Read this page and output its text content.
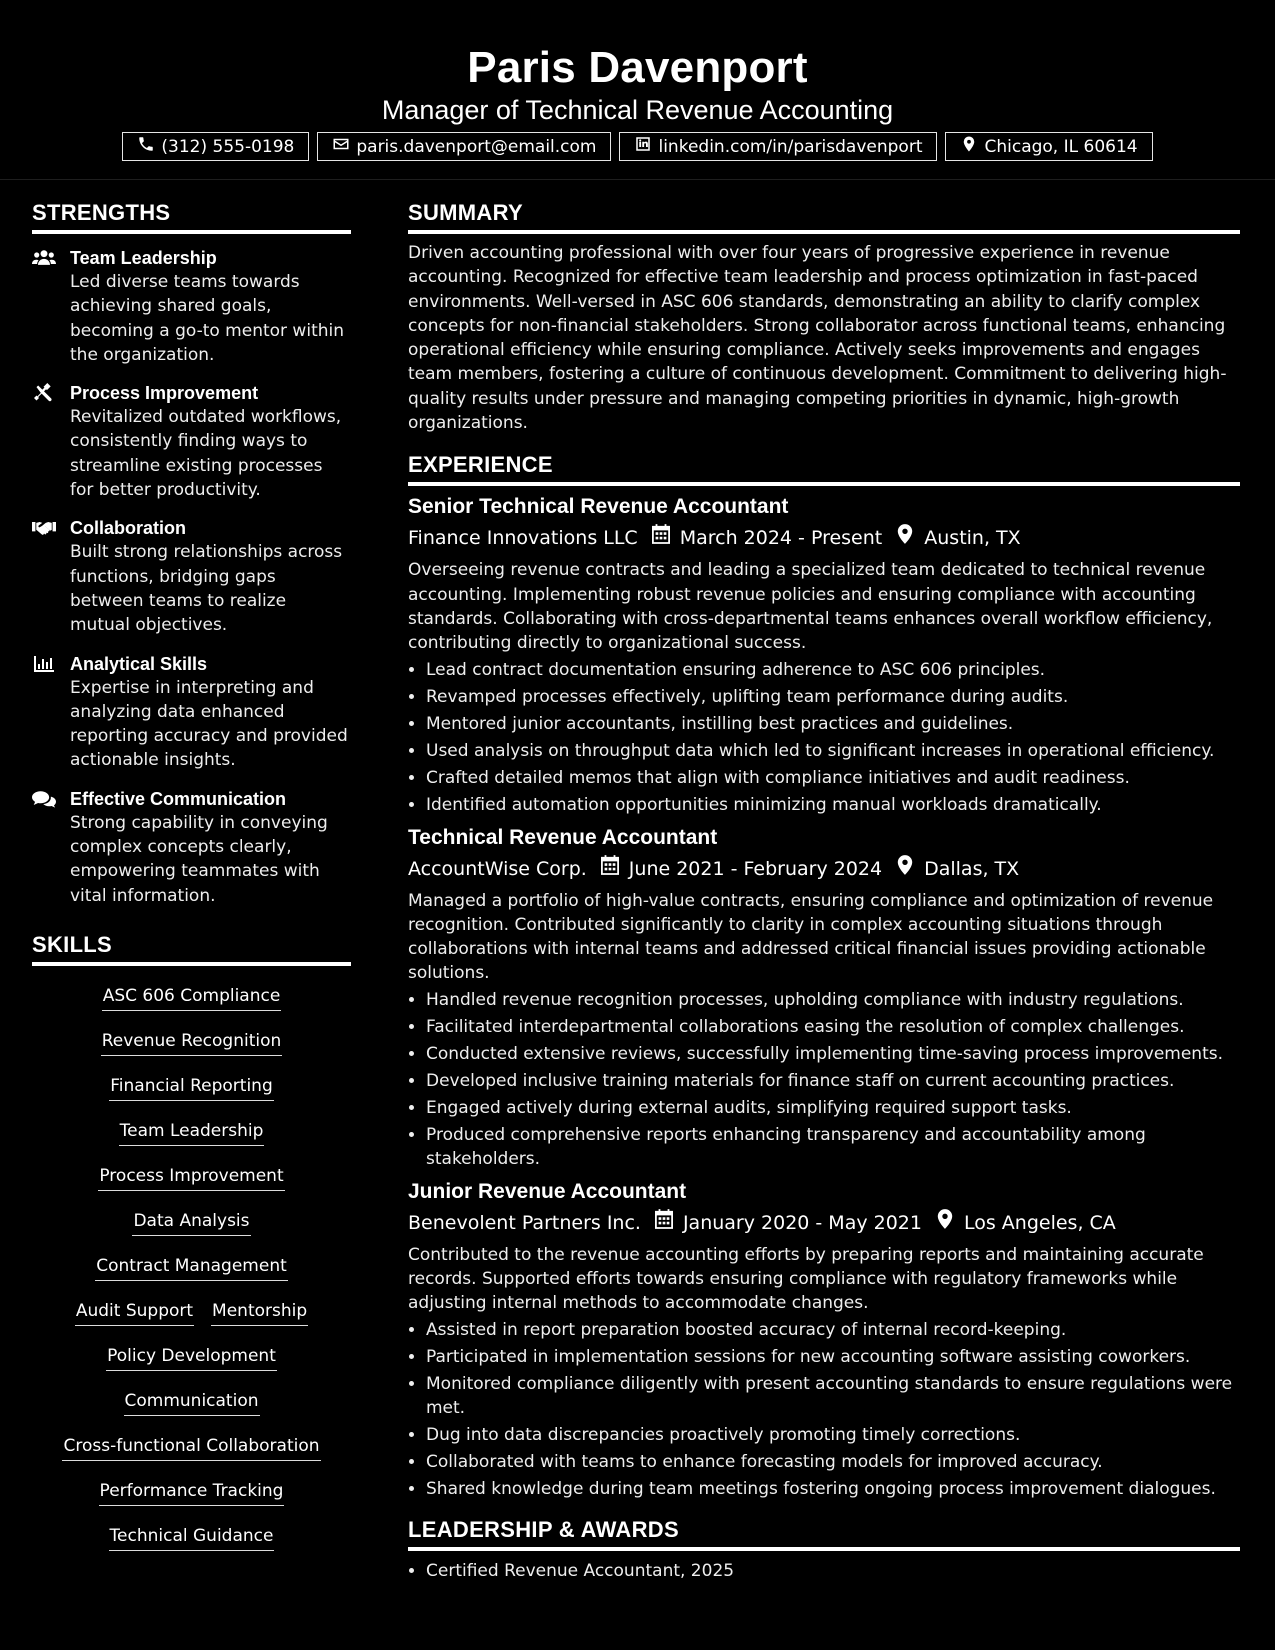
Paris Davenport
Manager of Technical Revenue Accounting
(312) 555-0198	paris.davenport@email.com	linkedin.com/in/parisdavenport	Chicago, IL 60614
STRENGTHS
Team Leadership
Led diverse teams towards achieving shared goals, becoming a go-to mentor within the organization.
Process Improvement
Revitalized outdated workflows, consistently finding ways to streamline existing processes for better productivity.
Collaboration
Built strong relationships across functions, bridging gaps between teams to realize mutual objectives.
Analytical Skills
Expertise in interpreting and analyzing data enhanced reporting accuracy and provided actionable insights.
Effective Communication
Strong capability in conveying complex concepts clearly, empowering teammates with vital information.
SKILLS
ASC 606 Compliance
Revenue Recognition
Financial Reporting
Team Leadership
Process Improvement
Data Analysis
Contract Management
Audit Support Mentorship
Policy Development
Communication
Cross-functional Collaboration
Performance Tracking
Technical Guidance
SUMMARY
Driven accounting professional with over four years of progressive experience in revenue accounting. Recognized for effective team leadership and process optimization in fast-paced environments. Well-versed in ASC 606 standards, demonstrating an ability to clarify complex concepts for non-financial stakeholders. Strong collaborator across functional teams, enhancing operational efficiency while ensuring compliance. Actively seeks improvements and engages team members, fostering a culture of continuous development. Commitment to delivering high-quality results under pressure and managing competing priorities in dynamic, high-growth organizations.
EXPERIENCE
Senior Technical Revenue Accountant
Finance Innovations LLC March 2024 - Present Austin, TX
Overseeing revenue contracts and leading a specialized team dedicated to technical revenue accounting. Implementing robust revenue policies and ensuring compliance with accounting standards. Collaborating with cross-departmental teams enhances overall workflow efficiency, contributing directly to organizational success.
• Lead contract documentation ensuring adherence to ASC 606 principles.
• Revamped processes effectively, uplifting team performance during audits.
• Mentored junior accountants, instilling best practices and guidelines.
• Used analysis on throughput data which led to significant increases in operational efficiency.
• Crafted detailed memos that align with compliance initiatives and audit readiness.
• Identified automation opportunities minimizing manual workloads dramatically.
Technical Revenue Accountant
AccountWise Corp. June 2021 - February 2024 Dallas, TX
Managed a portfolio of high-value contracts, ensuring compliance and optimization of revenue recognition. Contributed significantly to clarity in complex accounting situations through collaborations with internal teams and addressed critical financial issues providing actionable solutions.
• Handled revenue recognition processes, upholding compliance with industry regulations.
• Facilitated interdepartmental collaborations easing the resolution of complex challenges.
• Conducted extensive reviews, successfully implementing time-saving process improvements.
• Developed inclusive training materials for finance staff on current accounting practices.
• Engaged actively during external audits, simplifying required support tasks.
• Produced comprehensive reports enhancing transparency and accountability among stakeholders.
Junior Revenue Accountant
Benevolent Partners Inc. January 2020 - May 2021 Los Angeles, CA
Contributed to the revenue accounting efforts by preparing reports and maintaining accurate records. Supported efforts towards ensuring compliance with regulatory frameworks while adjusting internal methods to accommodate changes.
• Assisted in report preparation boosted accuracy of internal record-keeping.
• Participated in implementation sessions for new accounting software assisting coworkers.
• Monitored compliance diligently with present accounting standards to ensure regulations were met.
• Dug into data discrepancies proactively promoting timely corrections.
• Collaborated with teams to enhance forecasting models for improved accuracy.
• Shared knowledge during team meetings fostering ongoing process improvement dialogues.
LEADERSHIP & AWARDS
• Certified Revenue Accountant, 2025
